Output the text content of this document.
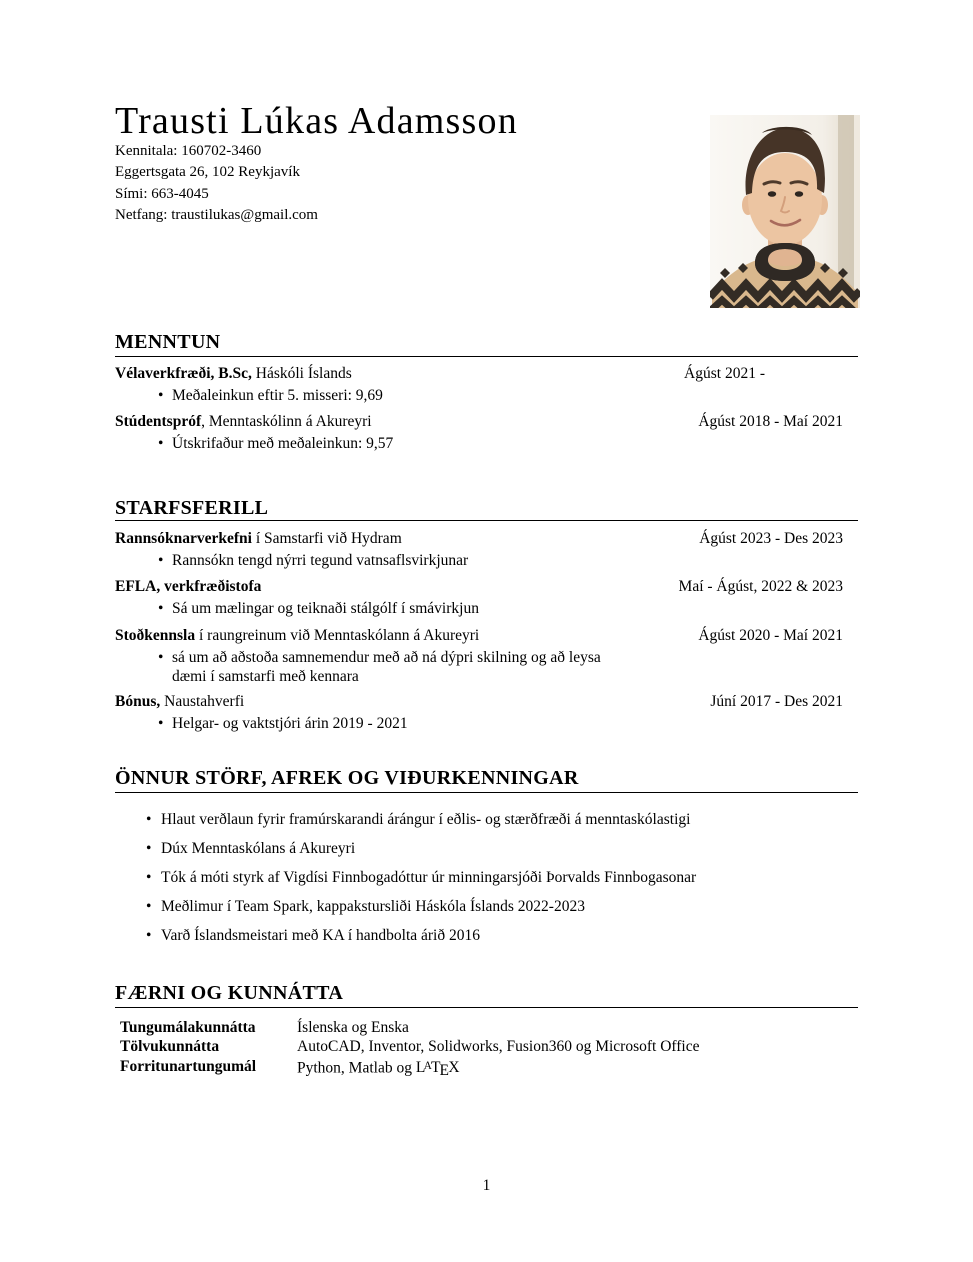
Trausti Lúkas Adamsson
Kennitala: 160702-3460
Eggertsgata 26, 102 Reykjavík
Sími: 663-4045
Netfang: traustilukas@gmail.com
MENNTUN
Vélaverkfræði, B.Sc, Háskóli Íslands	Ágúst 2021 -
• Meðaleinkun eftir 5. misseri: 9,69
Stúdentspróf, Menntaskólinn á Akureyri	Ágúst 2018 - Maí 2021
• Útskrifaður með meðaleinkun: 9,57
STARFSFERILL
Rannsóknarverkefni í Samstarfi við Hydram	Ágúst 2023 - Des 2023
• Rannsókn tengd nýrri tegund vatnsaflsvirkjunar
EFLA, verkfræðistofa	Maí - Ágúst, 2022 & 2023
• Sá um mælingar og teiknaði stálgólf í smávirkjun
Stoðkennsla í raungreinum við Menntaskólann á Akureyri	Ágúst 2020 - Maí 2021
• sá um að aðstoða samnemendur með að ná dýpri skilning og að leysa dæmi í samstarfi með kennara
Bónus, Naustahverfi	Júní 2017 - Des 2021
• Helgar- og vaktstjóri árin 2019 - 2021
ÖNNUR STÖRF, AFREK OG VIÐURKENNINGAR
• Hlaut verðlaun fyrir framúrskarandi árángur í eðlis- og stærðfræði á menntaskólastigi
• Dúx Menntaskólans á Akureyri
• Tók á móti styrk af Vigdísi Finnbogadóttur úr minningarsjóði Þorvalds Finnbogasonar
• Meðlimur í Team Spark, kappakstursliði Háskóla Íslands 2022-2023
• Varð Íslandsmeistari með KA í handbolta árið 2016
FÆRNI OG KUNNÁTTA
Tungumálakunnátta	Íslenska og Enska
Tölvukunnátta	AutoCAD, Inventor, Solidworks, Fusion360 og Microsoft Office
Forritunartungumál	Python, Matlab og $L^ATEX$
1
